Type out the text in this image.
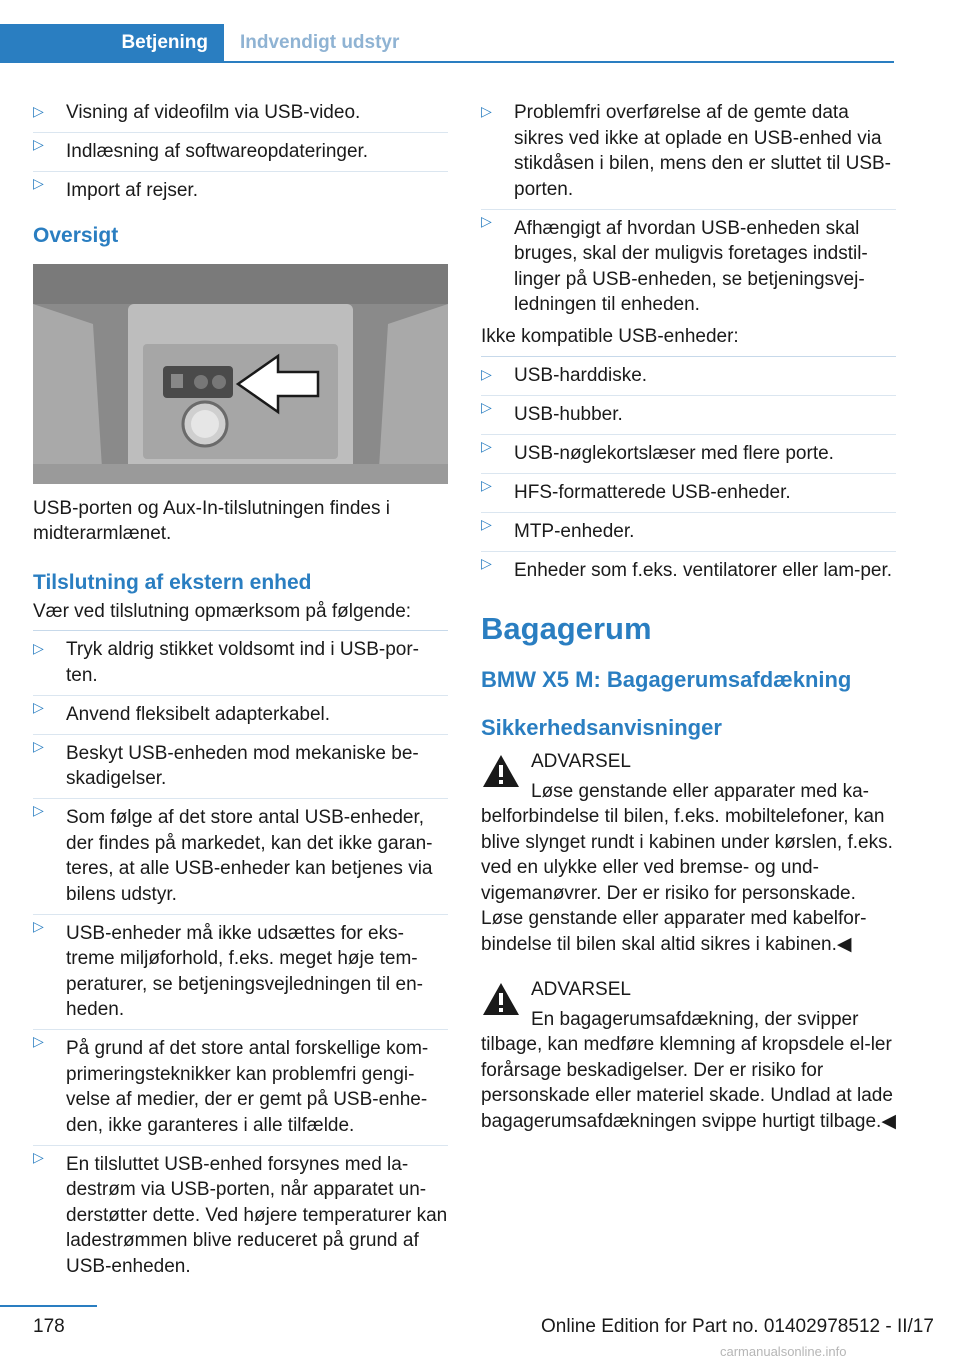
Betjening	Indvendigt udstyr
▷ Visning af videofilm via USB-video.
▷ Indlæsning af softwareopdateringer.
▷ Import af rejser.
Oversigt

USB-porten og Aux-In-tilslutningen findes i midterarmlænet.

Tilslutning af ekstern enhed

Vær ved tilslutning opmærksom på følgende:

▷ Tryk aldrig stikket voldsomt ind i USB-por‐ten.
▷ Anvend fleksibelt adapterkabel.
▷ Beskyt USB-enheden mod mekaniske be‐skadigelser.
▷ Som følge af det store antal USB-enheder, der findes på markedet, kan det ikke garan‐teres, at alle USB-enheder kan betjenes via bilens udstyr.
▷ USB-enheder må ikke udsættes for eks‐treme miljøforhold, f.eks. meget høje tem‐peraturer, se betjeningsvejledningen til en‐heden.
▷ På grund af det store antal forskellige kom‐primeringsteknikker kan problemfri gengi‐velse af medier, der er gemt på USB-enhe‐den, ikke garanteres i alle tilfælde.
▷ En tilsluttet USB-enhed forsynes med la‐destrøm via USB-porten, når apparatet un‐derstøtter dette. Ved højere temperaturer kan ladestrømmen blive reduceret på grund af USB-enheden.
▷ Problemfri overførelse af de gemte data sikres ved ikke at oplade en USB-enhed via stikdåsen i bilen, mens den er sluttet til USB-porten.
▷ Afhængigt af hvordan USB-enheden skal bruges, skal der muligvis foretages indstil‐linger på USB-enheden, se betjeningsvej‐ledningen til enheden.

Ikke kompatible USB-enheder:

▷ USB-harddiske.
▷ USB-hubber.
▷ USB-nøglekortslæser med flere porte.
▷ HFS-formatterede USB-enheder.
▷ MTP-enheder.
▷ Enheder som f.eks. ventilatorer eller lam‐per.
Bagagerum
BMW X5 M: Bagagerumsafdækning
Sikkerhedsanvisninger

ADVARSEL

Løse genstande eller apparater med ka‐belforbindelse til bilen, f.eks. mobiltelefoner, kan blive slynget rundt i kabinen under kørslen, f.eks. ved en ulykke eller ved bremse- og und‐vigemanøvrer. Der er risiko for personskade. Løse genstande eller apparater med kabelfor‐bindelse til bilen skal altid sikres i kabinen.◀

ADVARSEL

En bagagerumsafdækning, der svipper tilbage, kan medføre klemning af kropsdele el‐ler forårsage beskadigelser. Der er risiko for personskade eller materiel skade. Undlad at lade bagagerumsafdækningen svippe hurtigt tilbage.◀

178	Online Edition for Part no. 01402978512 - II/17
carmanualsonline.info
